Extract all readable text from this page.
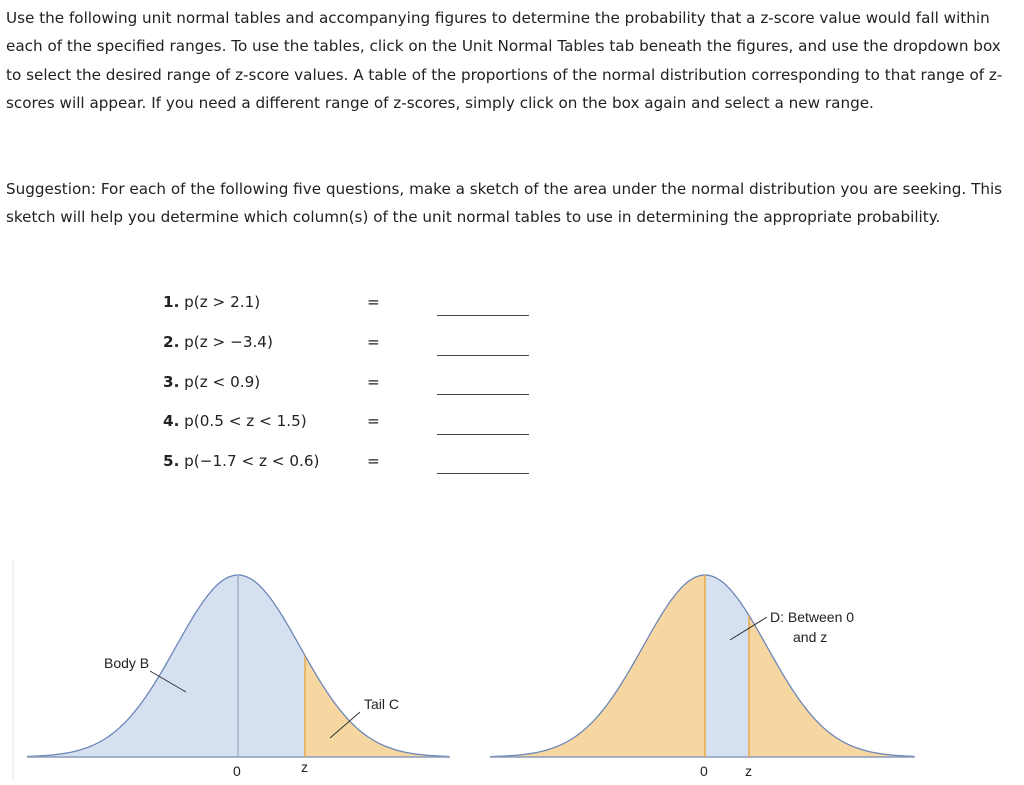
Use the following unit normal tables and accompanying figures to determine the probability that a z-score value would fall within each of the specified ranges. To use the tables, click on the Unit Normal Tables tab beneath the figures, and use the dropdown box to select the desired range of z-score values. A table of the proportions of the normal distribution corresponding to that range of z-scores will appear. If you need a different range of z-scores, simply click on the box again and select a new range.

Suggestion: For each of the following five questions, make a sketch of the area under the normal distribution you are seeking. This sketch will help you determine which column(s) of the unit normal tables to use in determining the appropriate probability.

1. p(z > 2.1)	=
2. p(z > −3.4)	=
3. p(z < 0.9)	=
4. p(0.5 < z < 1.5)	=
5. p(−1.7 < z < 0.6)	=
Body B
Tail C
0	z
D: Between 0
and z
0	z
